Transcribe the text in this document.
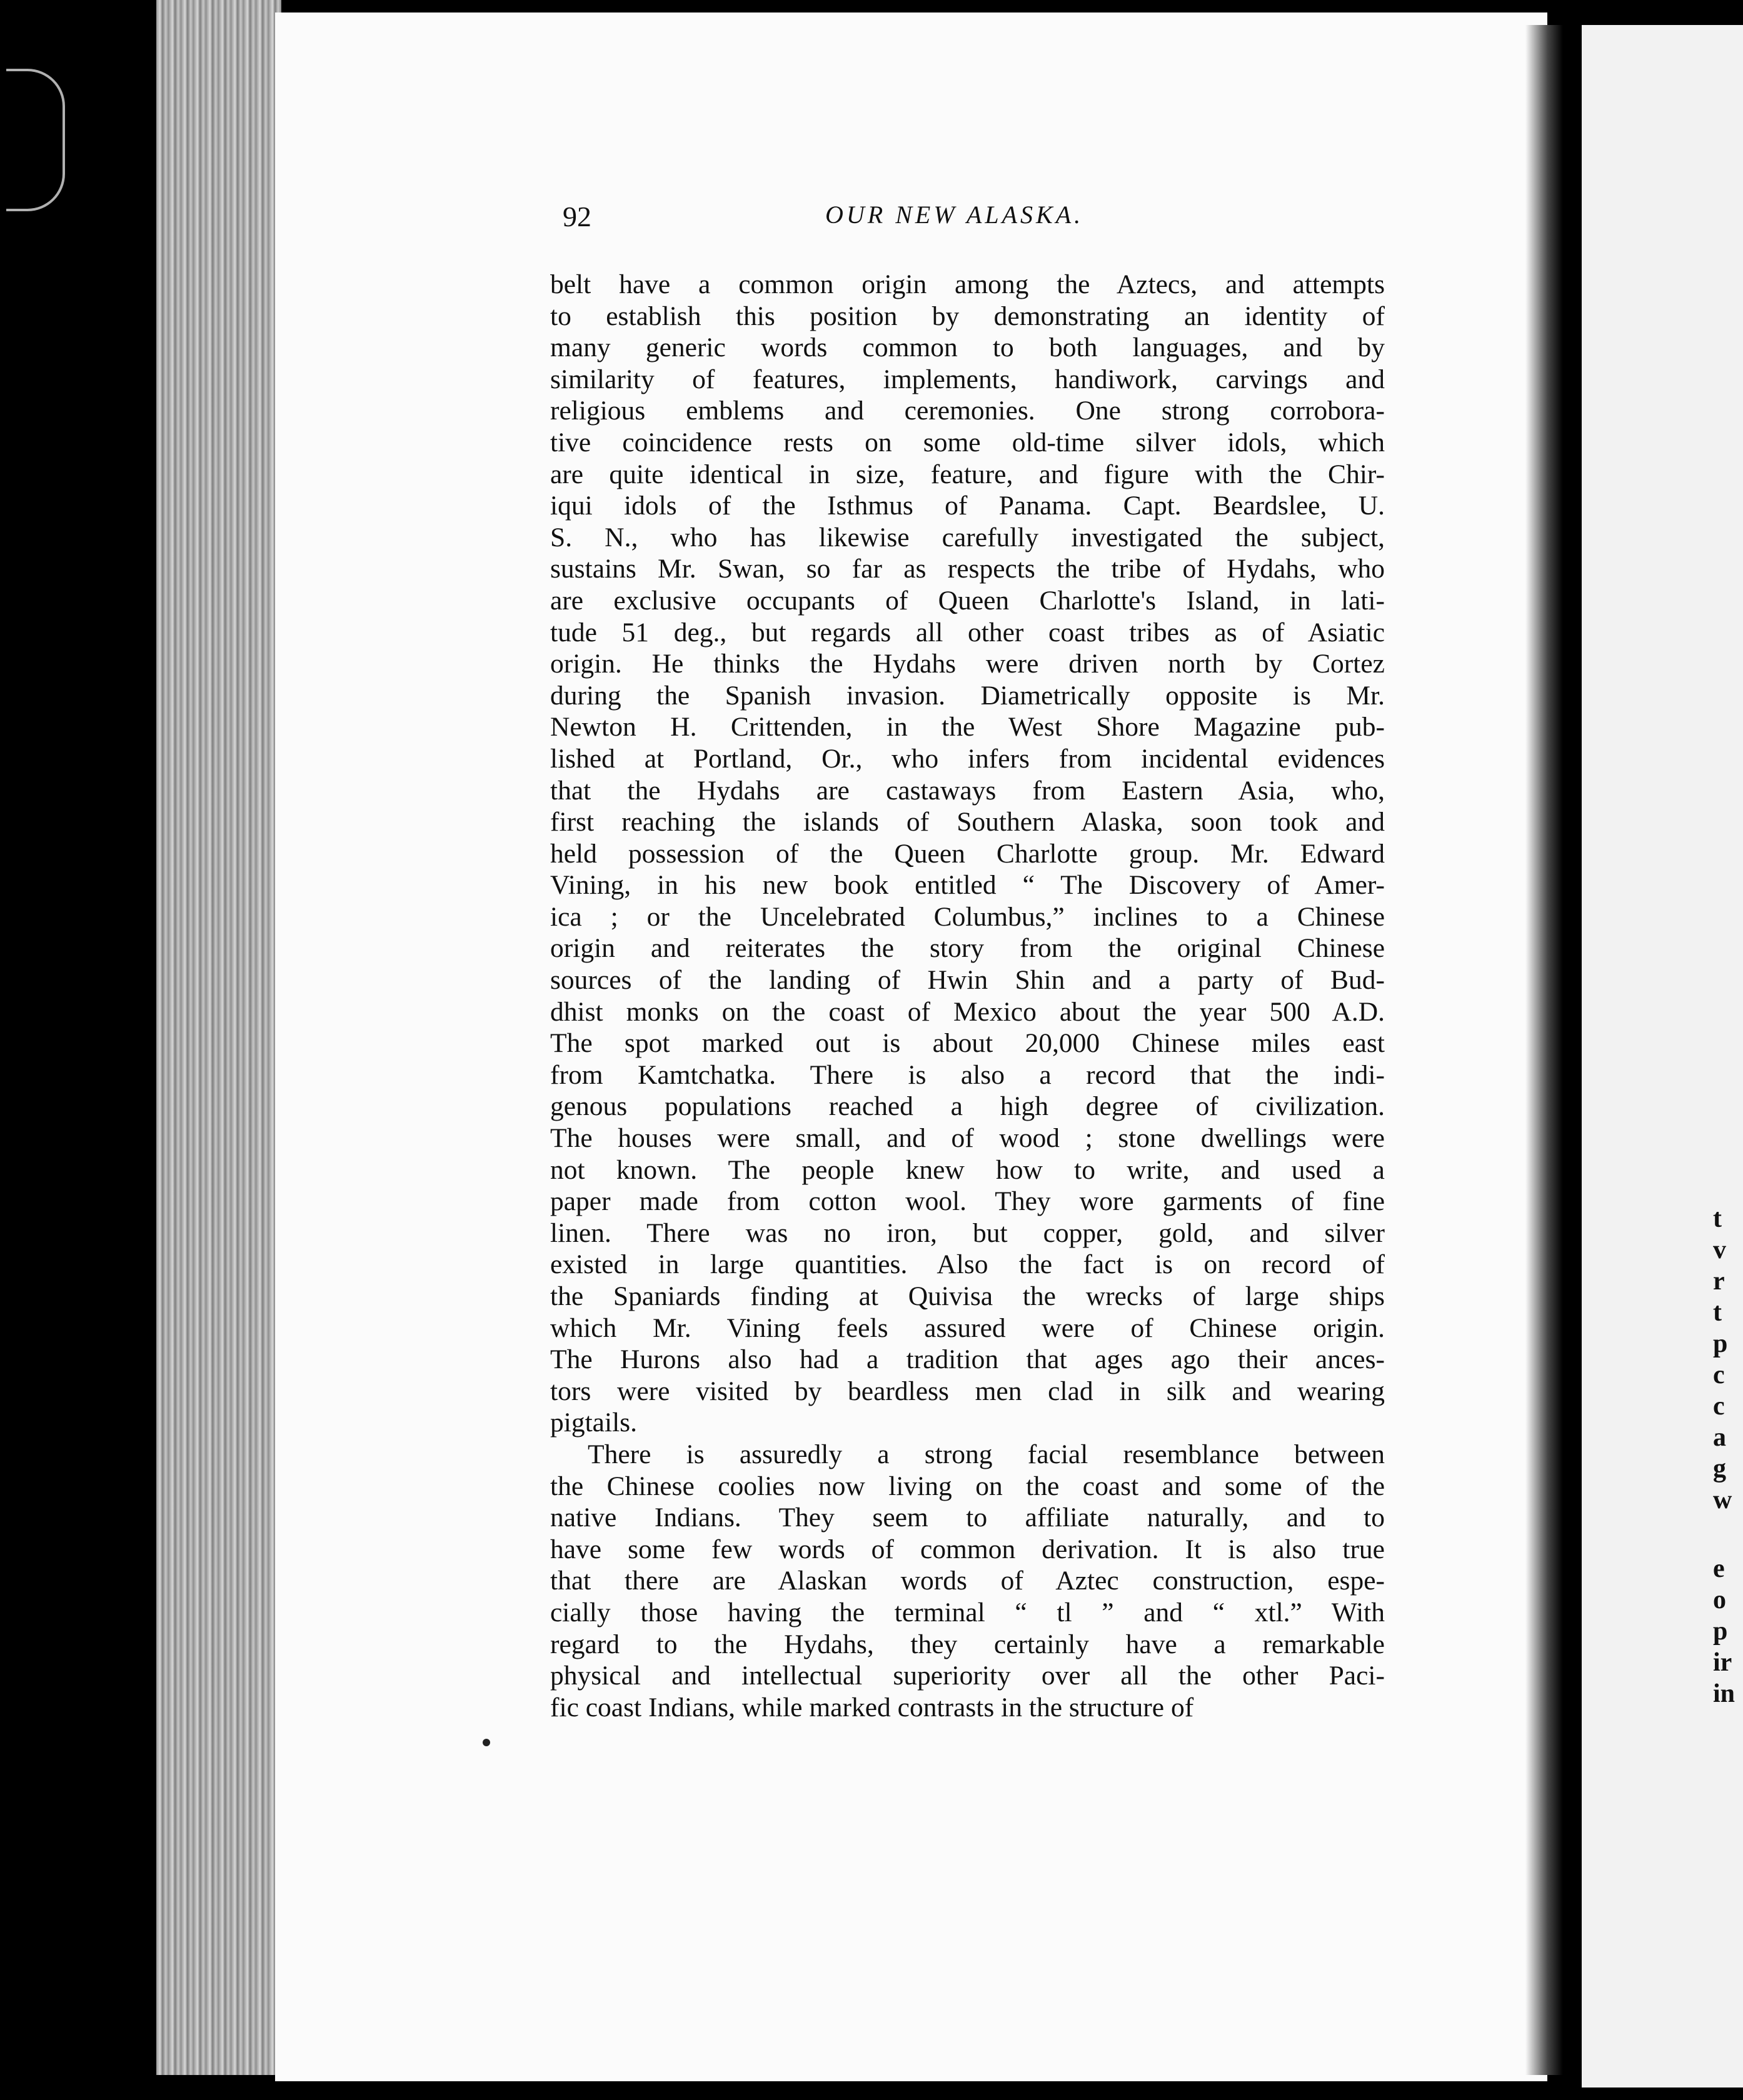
t
v
r
t
p
c
c
a
g
w
e
o
p
ir
in
92	OUR NEW ALASKA.

belt have a common origin among the Aztecs, and attempts
to establish this position by demonstrating an identity of
many generic words common to both languages, and by
similarity of features, implements, handiwork, carvings and
religious emblems and ceremonies. One strong corrobora-
tive coincidence rests on some old-time silver idols, which
are quite identical in size, feature, and figure with the Chir-
iqui idols of the Isthmus of Panama. Capt. Beardslee, U.
S. N., who has likewise carefully investigated the subject,
sustains Mr. Swan, so far as respects the tribe of Hydahs, who
are exclusive occupants of Queen Charlotte's Island, in lati-
tude 51 deg., but regards all other coast tribes as of Asiatic
origin. He thinks the Hydahs were driven north by Cortez
during the Spanish invasion. Diametrically opposite is Mr.
Newton H. Crittenden, in the West Shore Magazine pub-
lished at Portland, Or., who infers from incidental evidences
that the Hydahs are castaways from Eastern Asia, who,
first reaching the islands of Southern Alaska, soon took and
held possession of the Queen Charlotte group. Mr. Edward
Vining, in his new book entitled “ The Discovery of Amer-
ica ; or the Uncelebrated Columbus,” inclines to a Chinese
origin and reiterates the story from the original Chinese
sources of the landing of Hwin Shin and a party of Bud-
dhist monks on the coast of Mexico about the year 500 A.D.
The spot marked out is about 20,000 Chinese miles east
from Kamtchatka. There is also a record that the indi-
genous populations reached a high degree of civilization.
The houses were small, and of wood ; stone dwellings were
not known. The people knew how to write, and used a
paper made from cotton wool. They wore garments of fine
linen. There was no iron, but copper, gold, and silver
existed in large quantities. Also the fact is on record of
the Spaniards finding at Quivisa the wrecks of large ships
which Mr. Vining feels assured were of Chinese origin.
The Hurons also had a tradition that ages ago their ances-
tors were visited by beardless men clad in silk and wearing
pigtails.

There is assuredly a strong facial resemblance between
the Chinese coolies now living on the coast and some of the
native Indians. They seem to affiliate naturally, and to
have some few words of common derivation. It is also true
that there are Alaskan words of Aztec construction, espe-
cially those having the terminal “ tl ” and “ xtl.” With
regard to the Hydahs, they certainly have a remarkable
physical and intellectual superiority over all the other Paci-
fic coast Indians, while marked contrasts in the structure of
